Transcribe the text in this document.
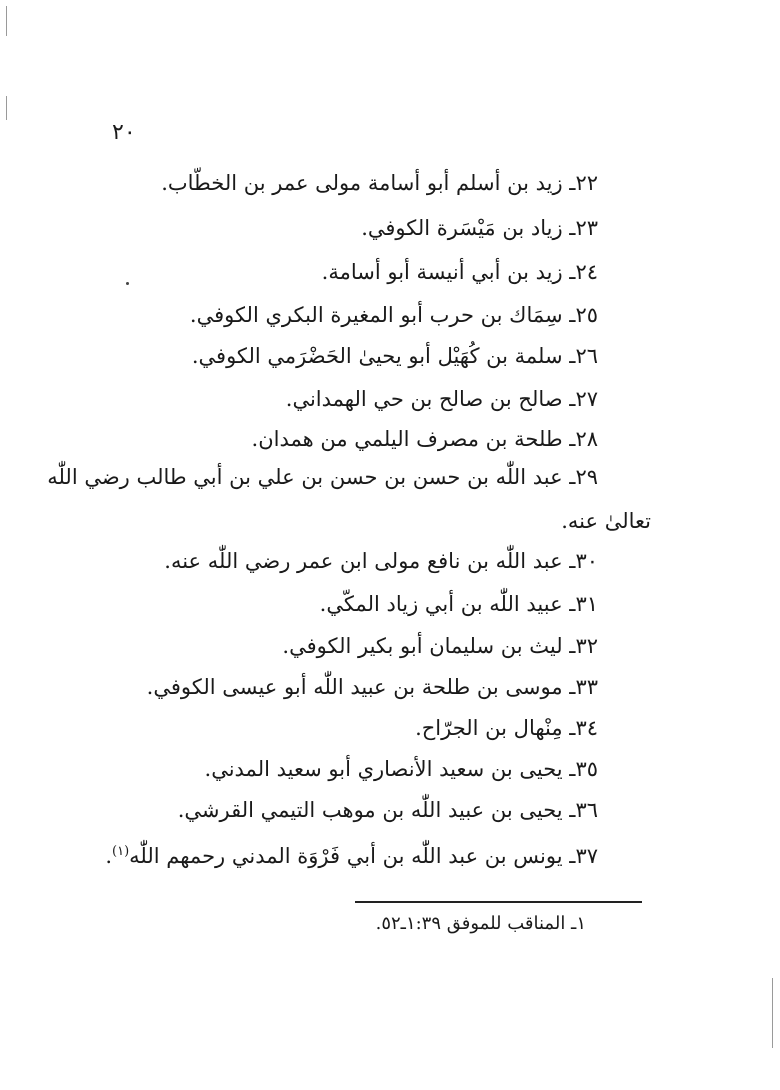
٢٠
٢٢ـ زيد بن أسلم أبو أسامة مولى عمر بن الخطّاب.
٢٣ـ زياد بن مَيْسَرة الكوفي.
٢٤ـ زيد بن أبي أنيسة أبو أسامة.
٢٥ـ سِمَاك بن حرب أبو المغيرة البكري الكوفي.
٢٦ـ سلمة بن كُهَيْل أبو يحيىٰ الحَضْرَمي الكوفي.
٢٧ـ صالح بن صالح بن حي الهمداني.
٢٨ـ طلحة بن مصرف اليلمي من همدان.
٢٩ـ عبد اللّٰه بن حسن بن حسن بن علي بن أبي طالب رضي اللّٰه
تعالىٰ عنه.
٣٠ـ عبد اللّٰه بن نافع مولى ابن عمر رضي اللّٰه عنه.
٣١ـ عبيد اللّٰه بن أبي زياد المكّي.
٣٢ـ ليث بن سليمان أبو بكير الكوفي.
٣٣ـ موسى بن طلحة بن عبيد اللّٰه أبو عيسى الكوفي.
٣٤ـ مِنْهال بن الجرّاح.
٣٥ـ يحيى بن سعيد الأنصاري أبو سعيد المدني.
٣٦ـ يحيى بن عبيد اللّٰه بن موهب التيمي القرشي.
٣٧ـ يونس بن عبد اللّٰه بن أبي فَرْوَة المدني رحمهم اللّٰه$^{(١)}$.
١ـ المناقب للموفق ١:٣٩ـ٥٢.
